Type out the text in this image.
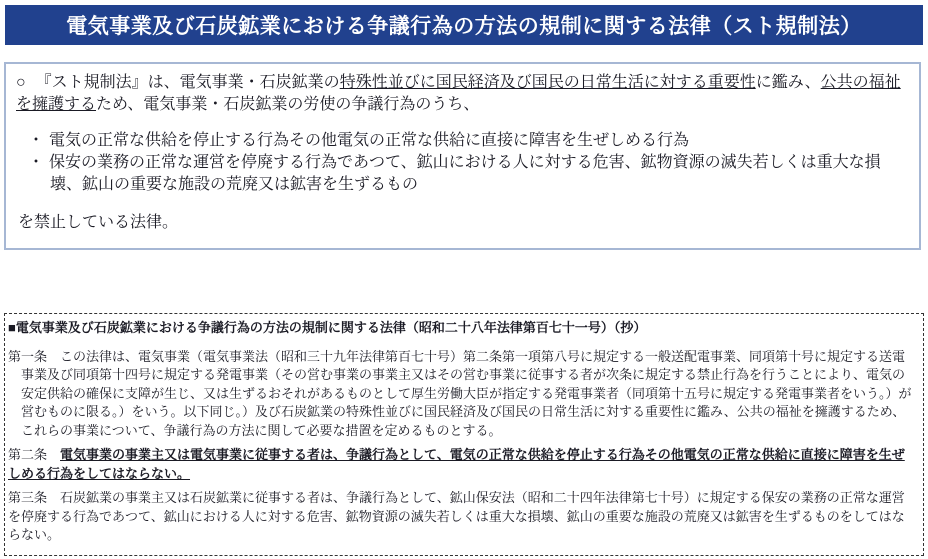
電気事業及び石炭鉱業における争議行為の方法の規制に関する法律（スト規制法）

○ 『スト規制法』は、電気事業・石炭鉱業の特殊性並びに国民経済及び国民の日常生活に対する重要性に鑑み、公共の福祉を擁護するため、電気事業・石炭鉱業の労使の争議行為のうち、

・ 電気の正常な供給を停止する行為その他電気の正常な供給に直接に障害を生ぜしめる行為

・ 保安の業務の正常な運営を停廃する行為であつて、鉱山における人に対する危害、鉱物資源の滅失若しくは重大な損壊、鉱山の重要な施設の荒廃又は鉱害を生ずるもの

を禁止している法律。

■電気事業及び石炭鉱業における争議行為の方法の規制に関する法律（昭和二十八年法律第百七十一号）（抄）

第一条　この法律は、電気事業（電気事業法（昭和三十九年法律第百七十号）第二条第一項第八号に規定する一般送配電事業、同項第十号に規定する送電事業及び同項第十四号に規定する発電事業（その営む事業の事業主又はその営む事業に従事する者が次条に規定する禁止行為を行うことにより、電気の安定供給の確保に支障が生じ、又は生ずるおそれがあるものとして厚生労働大臣が指定する発電事業者（同項第十五号に規定する発電事業者をいう。）が営むものに限る。）をいう。以下同じ。）及び石炭鉱業の特殊性並びに国民経済及び国民の日常生活に対する重要性に鑑み、公共の福祉を擁護するため、これらの事業について、争議行為の方法に関して必要な措置を定めるものとする。

第二条　電気事業の事業主又は電気事業に従事する者は、争議行為として、電気の正常な供給を停止する行為その他電気の正常な供給に直接に障害を生ぜしめる行為をしてはならない。

第三条　石炭鉱業の事業主又は石炭鉱業に従事する者は、争議行為として、鉱山保安法（昭和二十四年法律第七十号）に規定する保安の業務の正常な運営を停廃する行為であつて、鉱山における人に対する危害、鉱物資源の滅失若しくは重大な損壊、鉱山の重要な施設の荒廃又は鉱害を生ずるものをしてはならない。
